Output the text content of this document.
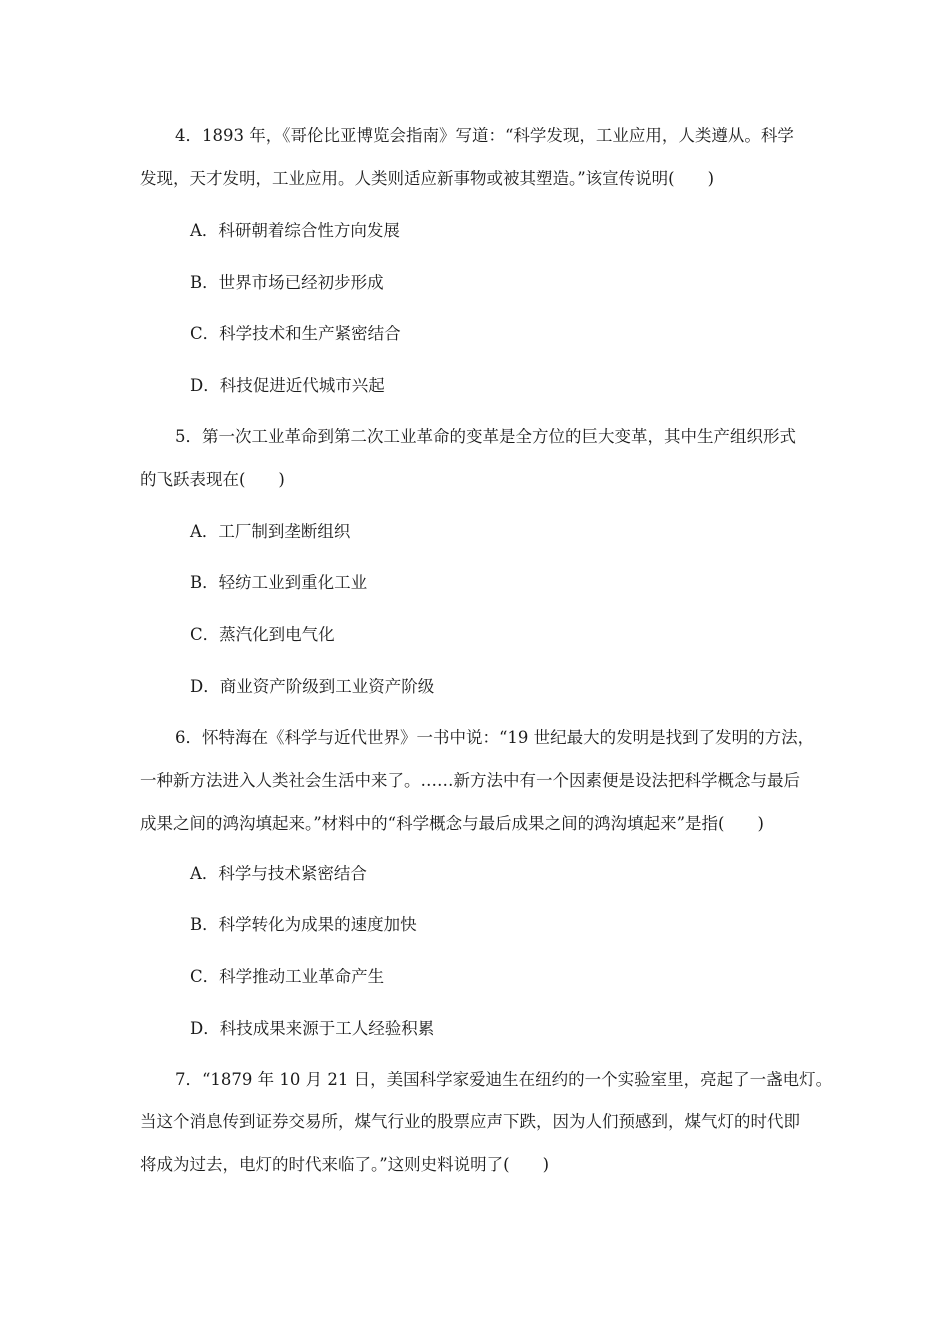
4．1893 年，《哥伦比亚博览会指南》写道：“科学发现，工业应用，人类遵从。科学
发现，天才发明，工业应用。人类则适应新事物或被其塑造。”该宣传说明(　　)
A．科研朝着综合性方向发展
B．世界市场已经初步形成
C．科学技术和生产紧密结合
D．科技促进近代城市兴起
5．第一次工业革命到第二次工业革命的变革是全方位的巨大变革，其中生产组织形式
的飞跃表现在(　　)
A．工厂制到垄断组织
B．轻纺工业到重化工业
C．蒸汽化到电气化
D．商业资产阶级到工业资产阶级
6．怀特海在《科学与近代世界》一书中说：“19 世纪最大的发明是找到了发明的方法，
一种新方法进入人类社会生活中来了。……新方法中有一个因素便是设法把科学概念与最后
成果之间的鸿沟填起来。”材料中的“科学概念与最后成果之间的鸿沟填起来”是指(　　)
A．科学与技术紧密结合
B．科学转化为成果的速度加快
C．科学推动工业革命产生
D．科技成果来源于工人经验积累
7．“1879 年 10 月 21 日，美国科学家爱迪生在纽约的一个实验室里，亮起了一盏电灯。
当这个消息传到证券交易所，煤气行业的股票应声下跌，因为人们预感到，煤气灯的时代即
将成为过去，电灯的时代来临了。”这则史料说明了(　　)
